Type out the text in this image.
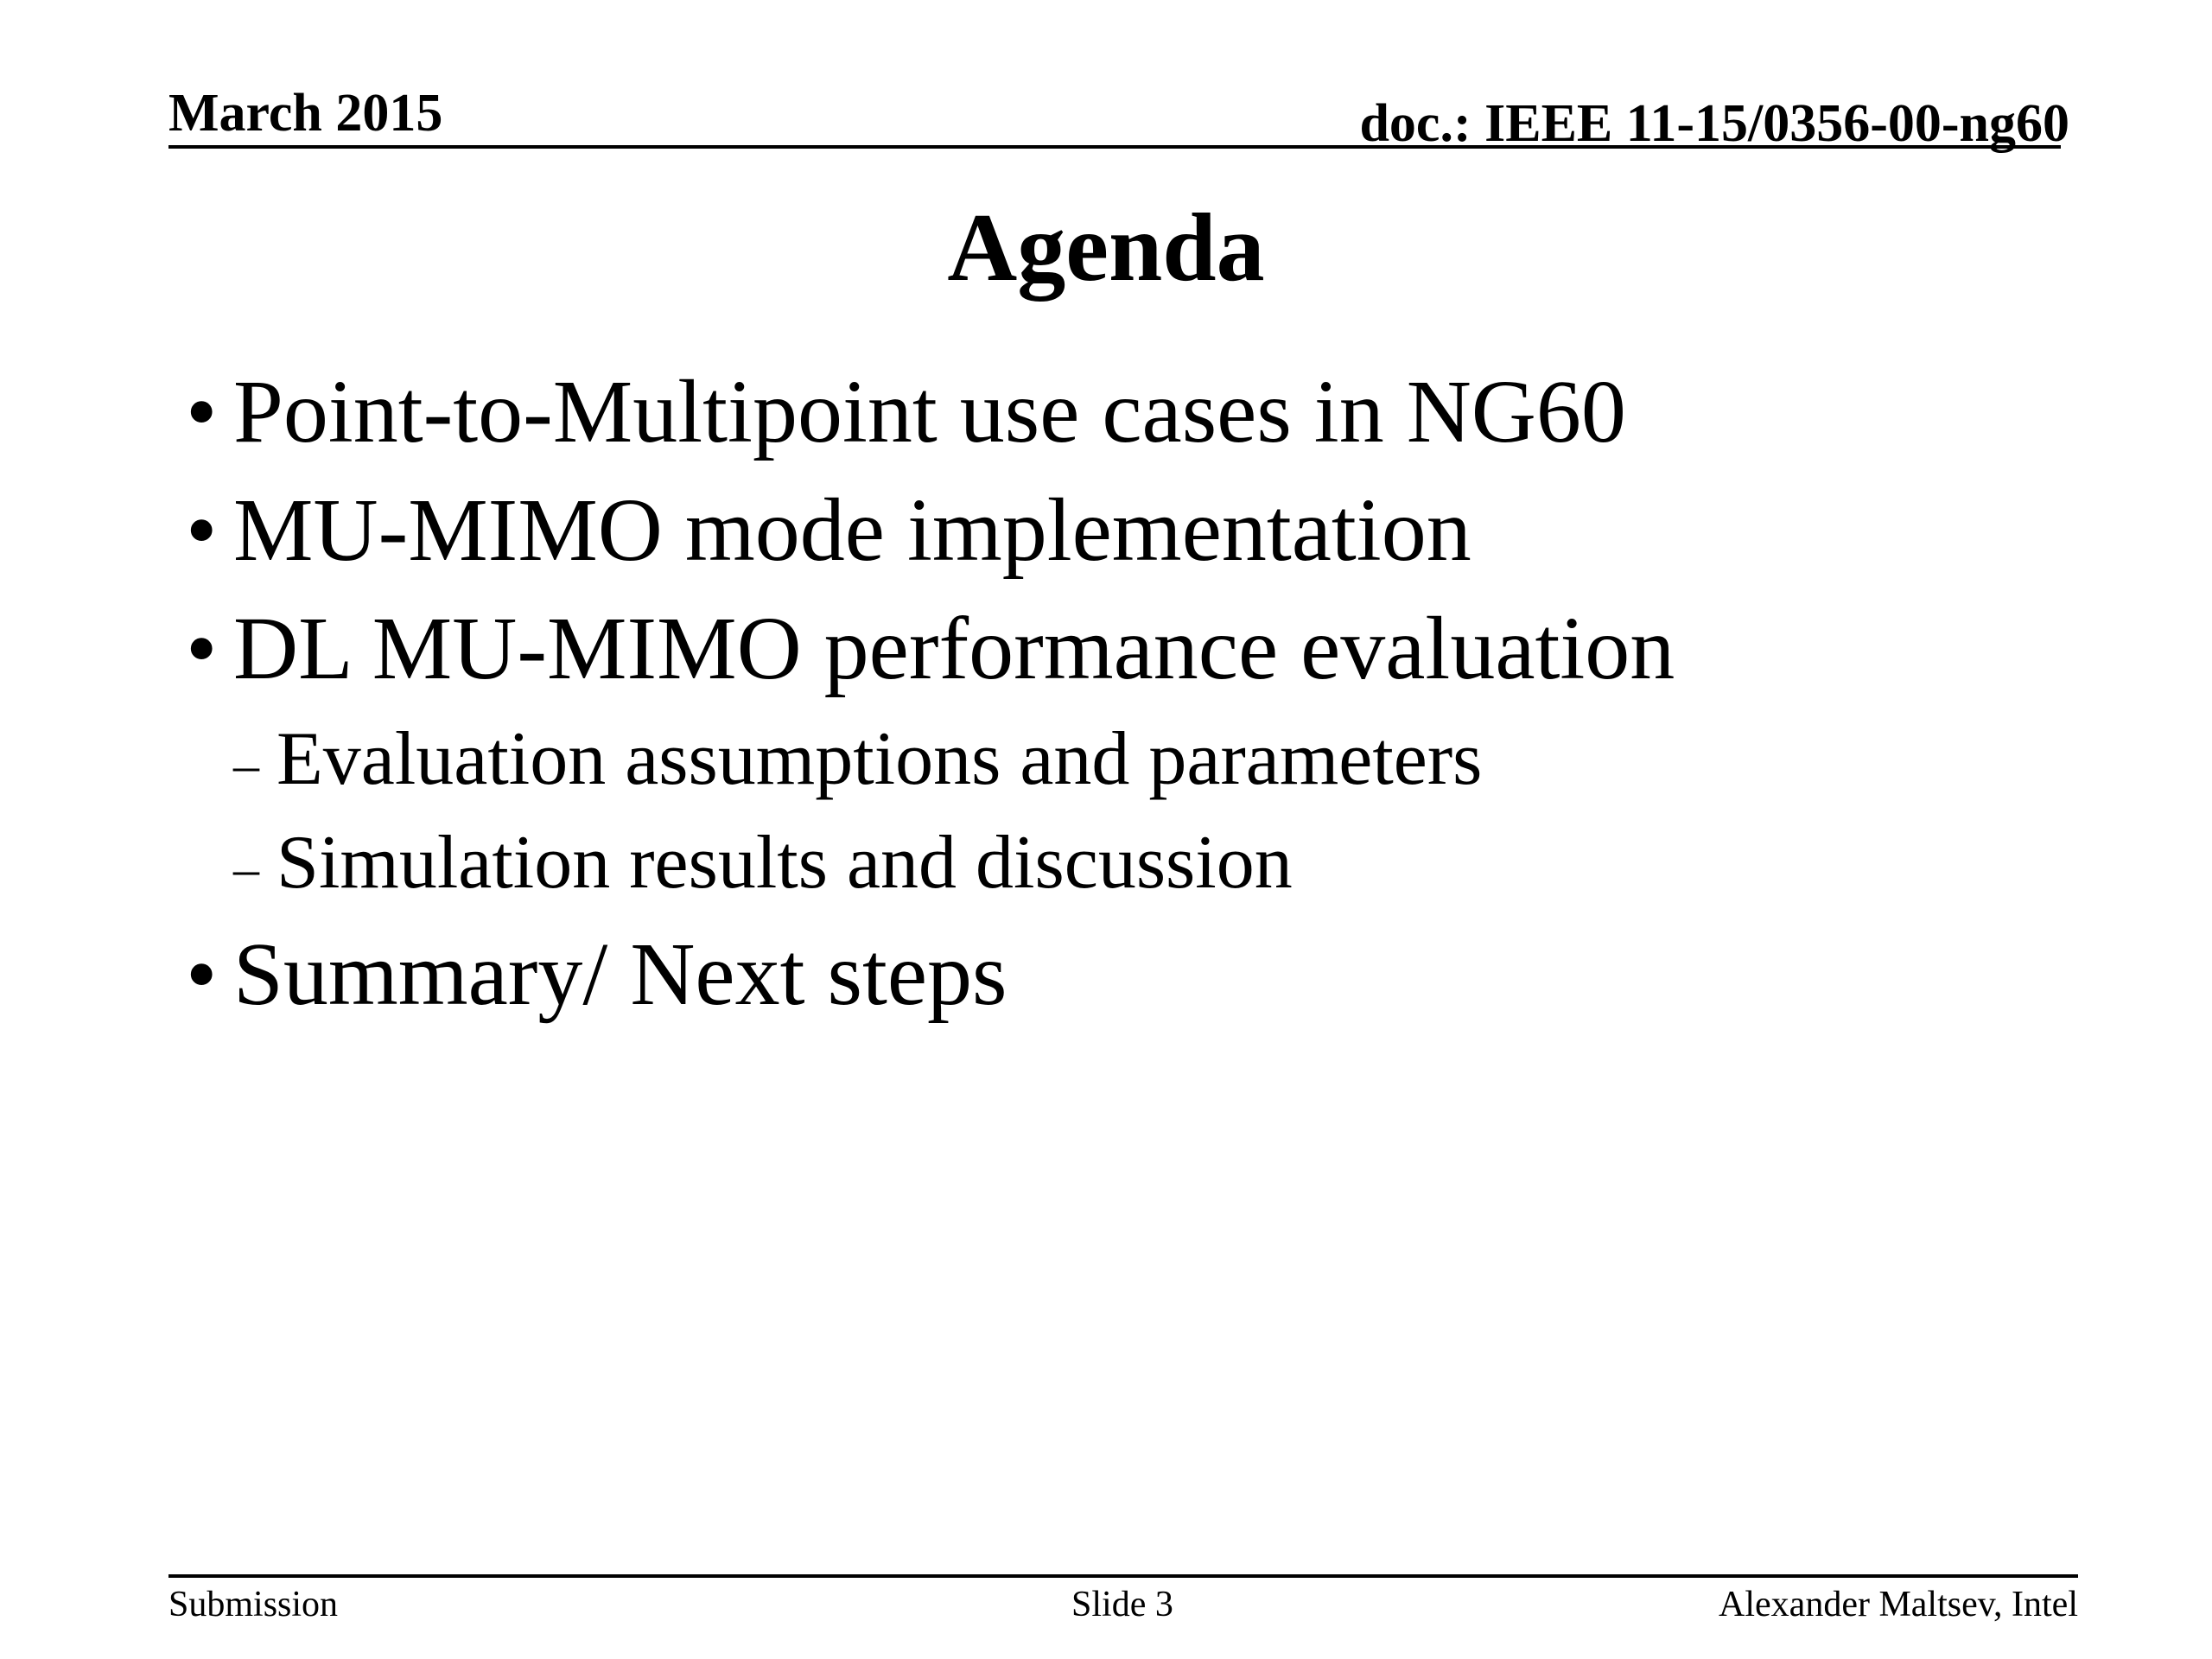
March 2015	doc.: IEEE 11-15/0356-00-ng60
Agenda
• Point-to-Multipoint use cases in NG60
• MU-MIMO mode implementation
• DL MU-MIMO performance evaluation
– Evaluation assumptions and parameters
– Simulation results and discussion
• Summary/ Next steps
Submission	Slide 3	Alexander Maltsev, Intel
